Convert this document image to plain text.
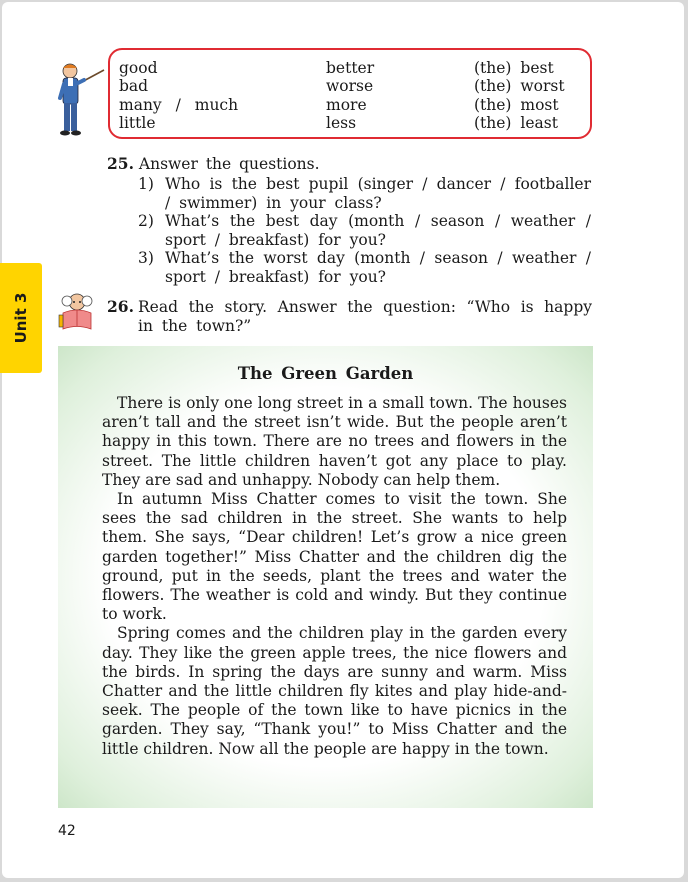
Unit 3
good	better	(the) best
bad	worse	(the) worst
many / much	more	(the) most
little	less	(the) least
25. Answer the questions.
1) Who is the best pupil (singer / dancer / footballer / swimmer) in your class?
2) What’s the best day (month / season / weather / sport / breakfast) for you?
3) What’s the worst day (month / season / weather / sport / breakfast) for you?
26. Read the story. Answer the question: “Who is happy in the town?”
The Green Garden

There is only one long street in a small town. The houses aren’t tall and the street isn’t wide. But the people aren’t happy in this town. There are no trees and flowers in the street. The little children haven’t got any place to play. They are sad and unhappy. Nobody can help them.

In autumn Miss Chatter comes to visit the town. She sees the sad children in the street. She wants to help them. She says, “Dear children! Let’s grow a nice green garden together!” Miss Chatter and the children dig the ground, put in the seeds, plant the trees and water the flowers. The weather is cold and windy. But they continue to work.

Spring comes and the children play in the garden every day. They like the green apple trees, the nice flowers and the birds. In spring the days are sunny and warm. Miss Chatter and the little children fly kites and play hide-and-seek. The people of the town like to have picnics in the garden. They say, “Thank you!” to Miss Chatter and the little children. Now all the people are happy in the town.

42
